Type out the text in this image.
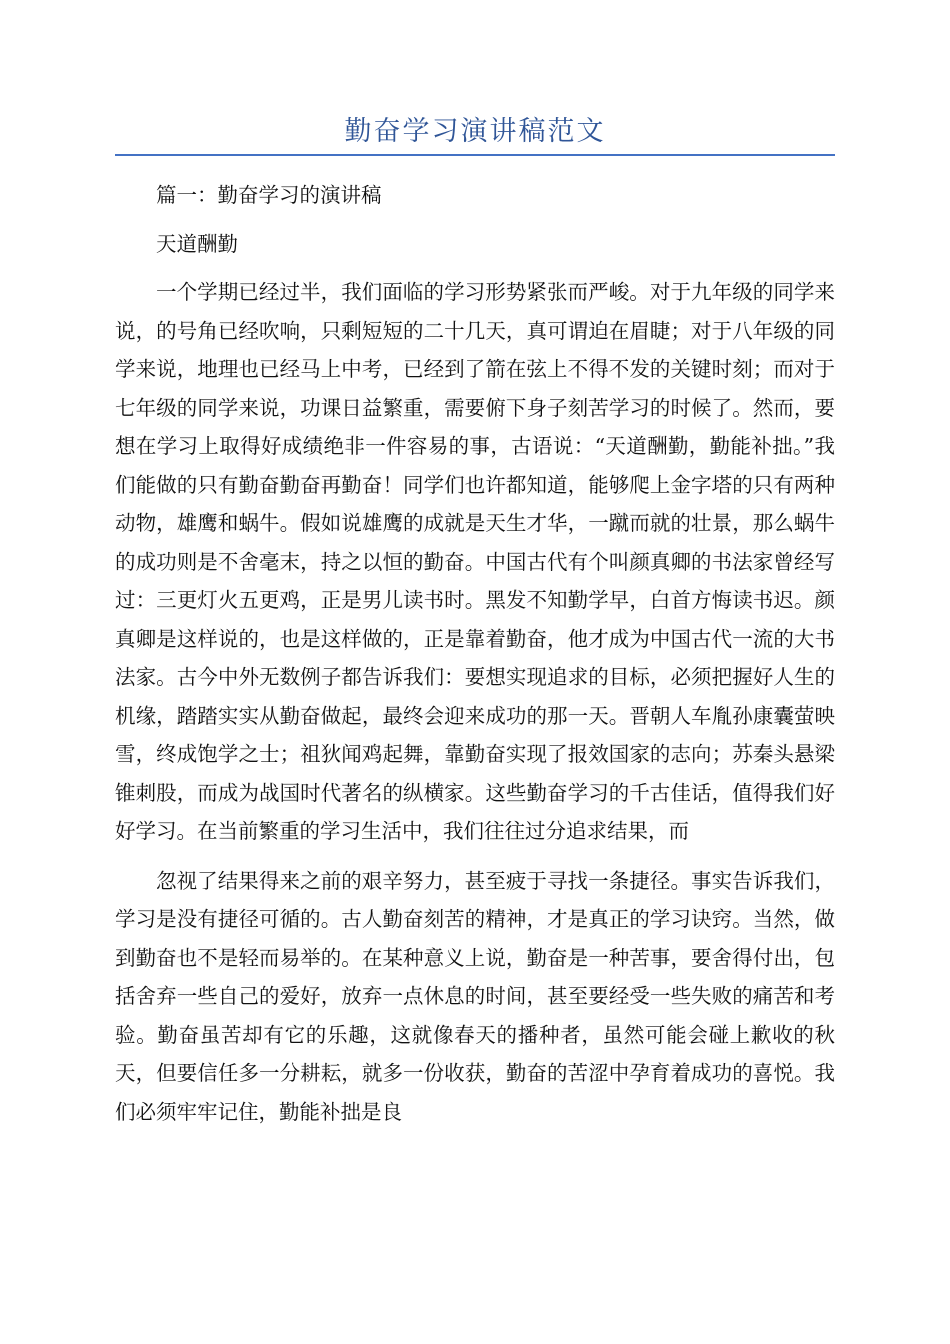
勤奋学习演讲稿范文

篇一：勤奋学习的演讲稿

天道酬勤

一个学期已经过半，我们面临的学习形势紧张而严峻。对于九年级的同学来说，的号角已经吹响，只剩短短的二十几天，真可谓迫在眉睫；对于八年级的同学来说，地理也已经马上中考，已经到了箭在弦上不得不发的关键时刻；而对于七年级的同学来说，功课日益繁重，需要俯下身子刻苦学习的时候了。然而，要想在学习上取得好成绩绝非一件容易的事，古语说：“天道酬勤，勤能补拙。”我们能做的只有勤奋勤奋再勤奋！同学们也许都知道，能够爬上金字塔的只有两种动物，雄鹰和蜗牛。假如说雄鹰的成就是天生才华，一蹴而就的壮景，那么蜗牛的成功则是不舍毫末，持之以恒的勤奋。中国古代有个叫颜真卿的书法家曾经写过：三更灯火五更鸡，正是男儿读书时。黑发不知勤学早，白首方悔读书迟。颜真卿是这样说的，也是这样做的，正是靠着勤奋，他才成为中国古代一流的大书法家。古今中外无数例子都告诉我们：要想实现追求的目标，必须把握好人生的机缘，踏踏实实从勤奋做起，最终会迎来成功的那一天。晋朝人车胤孙康囊萤映雪，终成饱学之士；祖狄闻鸡起舞，靠勤奋实现了报效国家的志向；苏秦头悬梁锥刺股，而成为战国时代著名的纵横家。这些勤奋学习的千古佳话，值得我们好好学习。在当前繁重的学习生活中，我们往往过分追求结果，而

忽视了结果得来之前的艰辛努力，甚至疲于寻找一条捷径。事实告诉我们，学习是没有捷径可循的。古人勤奋刻苦的精神，才是真正的学习诀窍。当然，做到勤奋也不是轻而易举的。在某种意义上说，勤奋是一种苦事，要舍得付出，包括舍弃一些自己的爱好，放弃一点休息的时间，甚至要经受一些失败的痛苦和考验。勤奋虽苦却有它的乐趣，这就像春天的播种者，虽然可能会碰上歉收的秋天，但要信任多一分耕耘，就多一份收获，勤奋的苦涩中孕育着成功的喜悦。我们必须牢牢记住，勤能补拙是良
